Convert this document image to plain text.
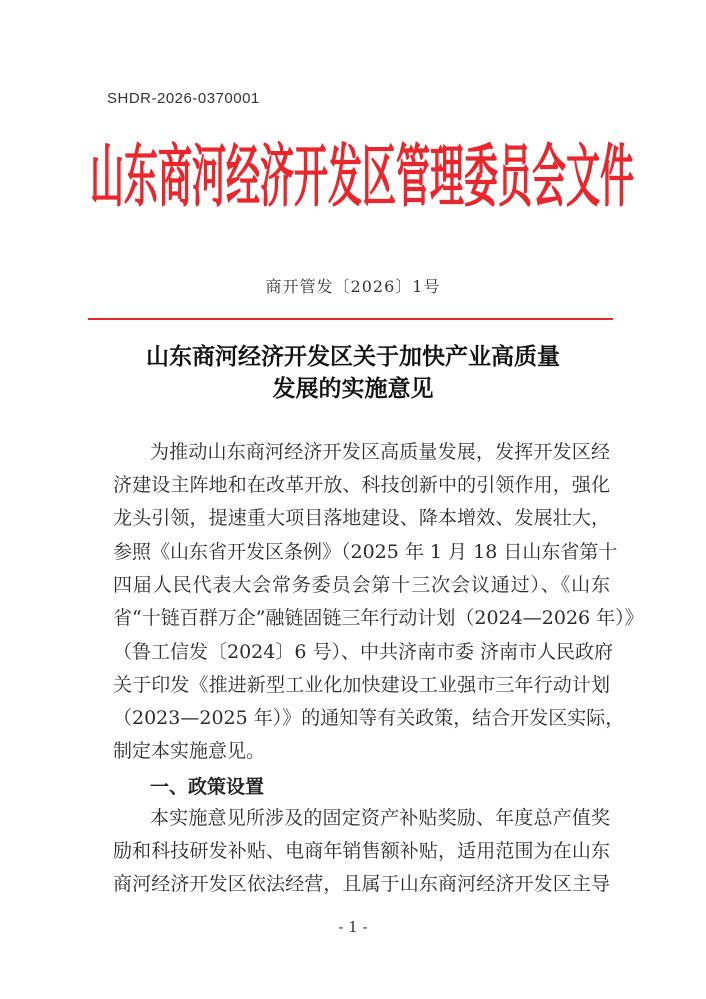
SHDR-2026-0370001
山东商河经济开发区管理委员会文件
商开管发〔2026〕1号
山东商河经济开发区关于加快产业高质量
发展的实施意见
为推动山东商河经济开发区高质量发展，发挥开发区经
济建设主阵地和在改革开放、科技创新中的引领作用，强化
龙头引领，提速重大项目落地建设、降本增效、发展壮大，
参照《山东省开发区条例》（2025 年 1 月 18 日山东省第十
四届人民代表大会常务委员会第十三次会议通过）、《山东
省“十链百群万企”融链固链三年行动计划（2024—2026 年）》
（鲁工信发〔2024〕6 号）、中共济南市委 济南市人民政府
关于印发《推进新型工业化加快建设工业强市三年行动计划
（2023—2025 年）》的通知等有关政策，结合开发区实际，
制定本实施意见。
一、政策设置
本实施意见所涉及的固定资产补贴奖励、年度总产值奖
励和科技研发补贴、电商年销售额补贴，适用范围为在山东
商河经济开发区依法经营，且属于山东商河经济开发区主导
- 1 -
